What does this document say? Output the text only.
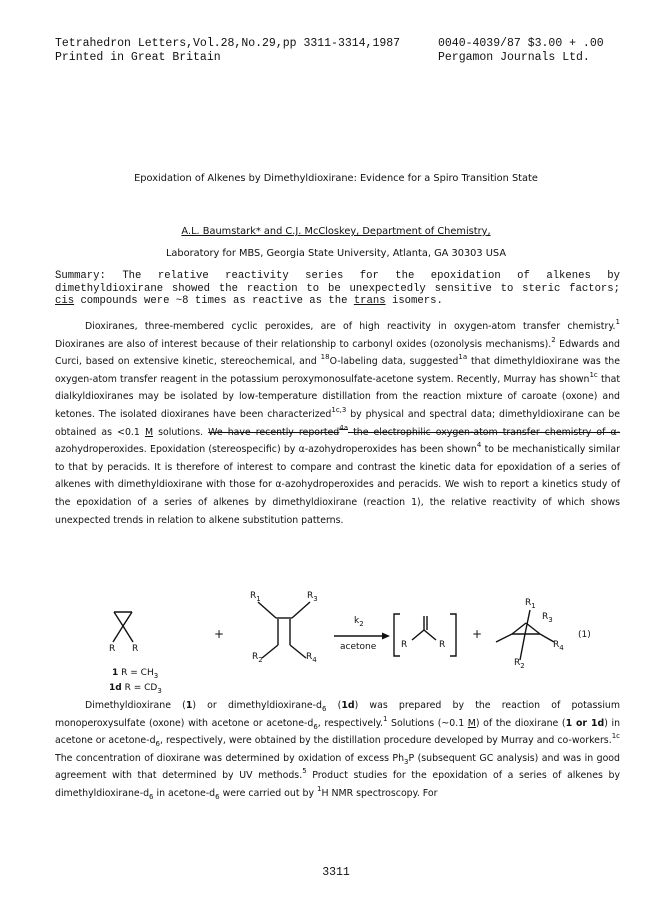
Tetrahedron Letters,Vol.28,No.29,pp 3311-3314,1987
Printed in Great Britain
0040-4039/87 $3.00 + .00
Pergamon Journals Ltd.
Epoxidation of Alkenes by Dimethyldioxirane: Evidence for a Spiro Transition State
A.L. Baumstark* and C.J. McCloskey, Department of Chemistry,
Laboratory for MBS, Georgia State University, Atlanta, GA 30303 USA
Summary: The relative reactivity series for the epoxidation of alkenes by dimethyldioxirane showed the reaction to be unexpectedly sensitive to steric factors; cis compounds were ~8 times as reactive as the trans isomers.

Dioxiranes, three-membered cyclic peroxides, are of high reactivity in oxygen-atom transfer chemistry.$^1$ Dioxiranes are also of interest because of their relationship to carbonyl oxides (ozonolysis mechanisms).$^2$ Edwards and Curci, based on extensive kinetic, stereochemical, and $^{18}$O-labeling data, suggested$^{1a}$ that dimethyldioxirane was the oxygen-atom transfer reagent in the potassium peroxymonosulfate-acetone system. Recently, Murray has shown$^{1c}$ that dialkyldioxiranes may be isolated by low-temperature distillation from the reaction mixture of caroate (oxone) and ketones. The isolated dioxiranes have been characterized$^{1c,3}$ by physical and spectral data; dimethyldioxirane can be obtained as <0.1 M solutions. We have recently reported$^{4a}$ the electrophilic oxygen-atom transfer chemistry of α- azohydroperoxides. Epoxidation (stereospecific) by α-azohydroperoxides has been shown$^4$ to be mechanistically similar to that by peracids. It is therefore of interest to compare and contrast the kinetic data for epoxidation of a series of alkenes with dimethyldioxirane with those for α-azohydroperoxides and peracids. We wish to report a kinetics study of the epoxidation of a series of alkenes by dimethyldioxirane (reaction 1), the relative reactivity of which shows unexpected trends in relation to alkene substitution patterns.

R R
+
$R_1$	$R_3$
$R_2$	$R_4$
$k_2$
acetone	R	R
+
$R_1$
$R_3$
$R_4$
$R_2$
(1)
1 $R = CH_3$
1d $R = CD_3$

Dimethyldioxirane (1) or dimethyldioxirane-$d_6$ (1d) was prepared by the reaction of potassium monoperoxysulfate (oxone) with acetone or acetone-$d_6$, respectively.$^1$ Solutions (~0.1 M) of the dioxirane (1 or 1d) in acetone or acetone-$d_6$, respectively, were obtained by the distillation procedure developed by Murray and co-workers.$^{1c}$ The concentration of dioxirane was determined by oxidation of excess $Ph_3P$ (subsequent GC analysis) and was in good agreement with that determined by UV methods.$^5$ Product studies for the epoxidation of a series of alkenes by dimethyldioxirane-$d_6$ in acetone-$d_6$ were carried out by $^1$H NMR spectroscopy. For

3311
